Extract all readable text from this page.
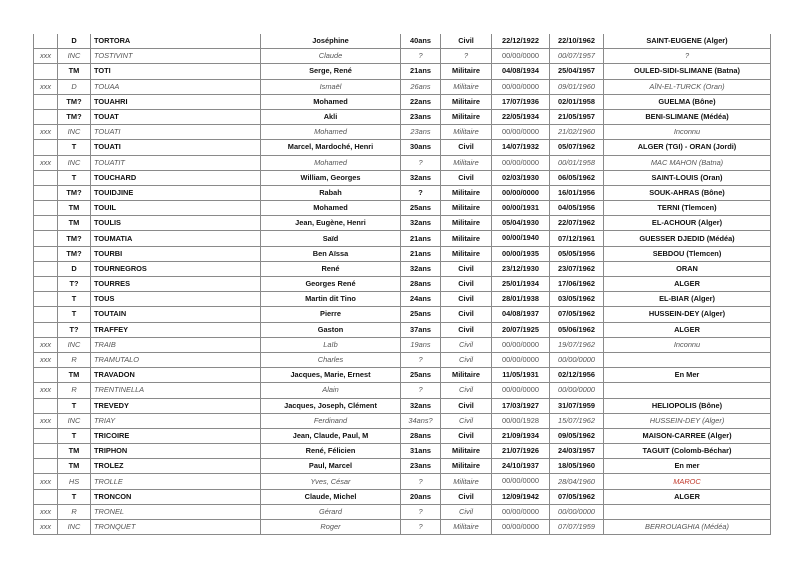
	D	TORTORA	Joséphine	40ans	Civil	22/12/1922	22/10/1962	SAINT-EUGENE (Alger)
xxx	INC	TOSTIVINT	Claude	?	?	00/00/0000	00/07/1957	?
	TM	TOTI	Serge, René	21ans	Militaire	04/08/1934	25/04/1957	OULED-SIDI-SLIMANE (Batna)
xxx	D	TOUAA	Ismaël	26ans	Militaire	00/00/0000	09/01/1960	AÏN-EL-TURCK (Oran)
	TM?	TOUAHRI	Mohamed	22ans	Militaire	17/07/1936	02/01/1958	GUELMA (Bône)
	TM?	TOUAT	Akli	23ans	Militaire	22/05/1934	21/05/1957	BENI-SLIMANE (Médéa)
xxx	INC	TOUATI	Mohamed	23ans	Militaire	00/00/0000	21/02/1960	Inconnu
	T	TOUATI	Marcel, Mardoché, Henri	30ans	Civil	14/07/1932	05/07/1962	ALGER (TGI) - ORAN (Jordi)
xxx	INC	TOUATIT	Mohamed	?	Militaire	00/00/0000	00/01/1958	MAC MAHON (Batna)
	T	TOUCHARD	William, Georges	32ans	Civil	02/03/1930	06/05/1962	SAINT-LOUIS (Oran)
	TM?	TOUIDJINE	Rabah	?	Militaire	00/00/0000	16/01/1956	SOUK-AHRAS (Bône)
	TM	TOUIL	Mohamed	25ans	Militaire	00/00/1931	04/05/1956	TERNI (Tlemcen)
	TM	TOULIS	Jean, Eugène, Henri	32ans	Militaire	05/04/1930	22/07/1962	EL-ACHOUR (Alger)
	TM?	TOUMATIA	Saïd	21ans	Militaire	00/00/1940	07/12/1961	GUESSER DJEDID (Médéa)
	TM?	TOURBI	Ben Aïssa	21ans	Militaire	00/00/1935	05/05/1956	SEBDOU (Tlemcen)
	D	TOURNEGROS	René	32ans	Civil	23/12/1930	23/07/1962	ORAN
	T?	TOURRES	Georges René	28ans	Civil	25/01/1934	17/06/1962	ALGER
	T	TOUS	Martin dit Tino	24ans	Civil	28/01/1938	03/05/1962	EL-BIAR (Alger)
	T	TOUTAIN	Pierre	25ans	Civil	04/08/1937	07/05/1962	HUSSEIN-DEY (Alger)
	T?	TRAFFEY	Gaston	37ans	Civil	20/07/1925	05/06/1962	ALGER
xxx	INC	TRAIB	Laïb	19ans	Civil	00/00/0000	19/07/1962	Inconnu
xxx	R	TRAMUTALO	Charles	?	Civil	00/00/0000	00/00/0000	
	TM	TRAVADON	Jacques, Marie, Ernest	25ans	Militaire	11/05/1931	02/12/1956	En Mer
xxx	R	TRENTINELLA	Alain	?	Civil	00/00/0000	00/00/0000	
	T	TREVEDY	Jacques, Joseph, Clément	32ans	Civil	17/03/1927	31/07/1959	HELIOPOLIS (Bône)
xxx	INC	TRIAY	Ferdinand	34ans?	Civil	00/00/1928	15/07/1962	HUSSEIN-DEY (Alger)
	T	TRICOIRE	Jean, Claude, Paul, M	28ans	Civil	21/09/1934	09/05/1962	MAISON-CARREE (Alger)
	TM	TRIPHON	René, Félicien	31ans	Militaire	21/07/1926	24/03/1957	TAGUIT (Colomb-Béchar)
	TM	TROLEZ	Paul, Marcel	23ans	Militaire	24/10/1937	18/05/1960	En mer
xxx	HS	TROLLE	Yves, César	?	Militaire	00/00/0000	28/04/1960	MAROC
	T	TRONCON	Claude, Michel	20ans	Civil	12/09/1942	07/05/1962	ALGER
xxx	R	TRONEL	Gérard	?	Civil	00/00/0000	00/00/0000	
xxx	INC	TRONQUET	Roger	?	Militaire	00/00/0000	07/07/1959	BERROUAGHIA (Médéa)
